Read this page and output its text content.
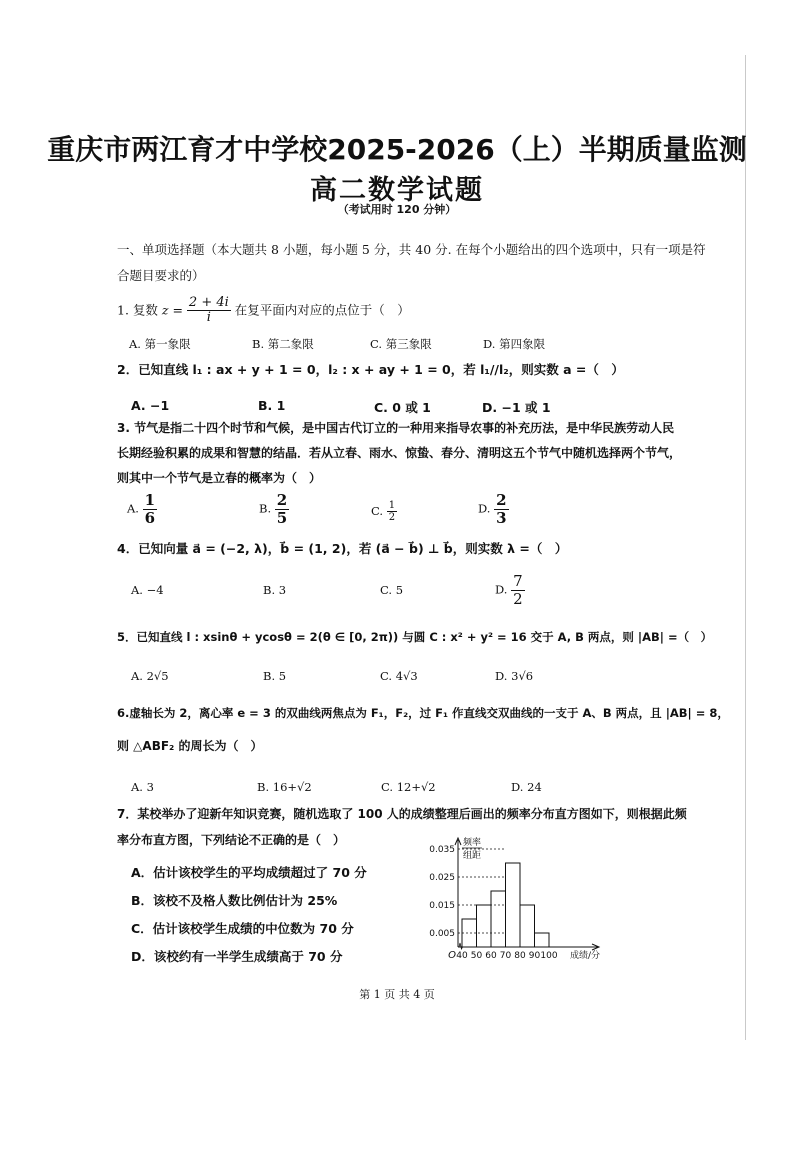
重庆市两江育才中学校2025-2026（上）半期质量监测
高二数学试题
（考试用时 120 分钟）
一、单项选择题（本大题共 8 小题，每小题 5 分，共 40 分. 在每个小题给出的四个选项中，只有一项是符
合题目要求的）
1. 复数 $z = \frac{2 + 4i}{i}$ 在复平面内对应的点位于（　）
A. 第一象限	B. 第二象限	C. 第三象限	D. 第四象限
2．已知直线 l₁ : ax + y + 1 = 0，l₂ : x + ay + 1 = 0，若 l₁//l₂，则实数 a =（　）
A. −1	B. 1	C. 0 或 1	D. −1 或 1
3. 节气是指二十四个时节和气候，是中国古代订立的一种用来指导农事的补充历法，是中华民族劳动人民
长期经验积累的成果和智慧的结晶．若从立春、雨水、惊蛰、春分、清明这五个节气中随机选择两个节气，
则其中一个节气是立春的概率为（　）
A. $\frac{1}{6}$	B. $\frac{2}{5}$	C. $\frac{1}{2}$	D. $\frac{2}{3}$
4．已知向量 a⃗ = (−2, λ)，b⃗ = (1, 2)，若 (a⃗ − b⃗) ⊥ b⃗，则实数 λ =（　）
A. −4	B. 3	C. 5	D. $\frac{7}{2}$
5．已知直线 l : xsinθ + ycosθ = 2(θ ∈ [0, 2π)) 与圆 C : x² + y² = 16 交于 A, B 两点，则 |AB| =（　）
A. 2√5	B. 5	C. 4√3	D. 3√6
6.虚轴长为 2，离心率 e = 3 的双曲线两焦点为 F₁，F₂，过 F₁ 作直线交双曲线的一支于 A、B 两点，且 |AB| = 8，
则 △ABF₂ 的周长为（　）
A. 3	B. 16+√2	C. 12+√2	D. 24
7．某校举办了迎新年知识竞赛，随机选取了 100 人的成绩整理后画出的频率分布直方图如下，则根据此频
率分布直方图，下列结论不正确的是（　）
A．估计该校学生的平均成绩超过了 70 分
B．该校不及格人数比例估计为 25%
C．估计该校学生成绩的中位数为 70 分
D．该校约有一半学生成绩高于 70 分
0.035
0.025
0.015
0.005
40 50 60 70 80 90 100
O	成绩/分
频率
组距
第 1 页 共 4 页
